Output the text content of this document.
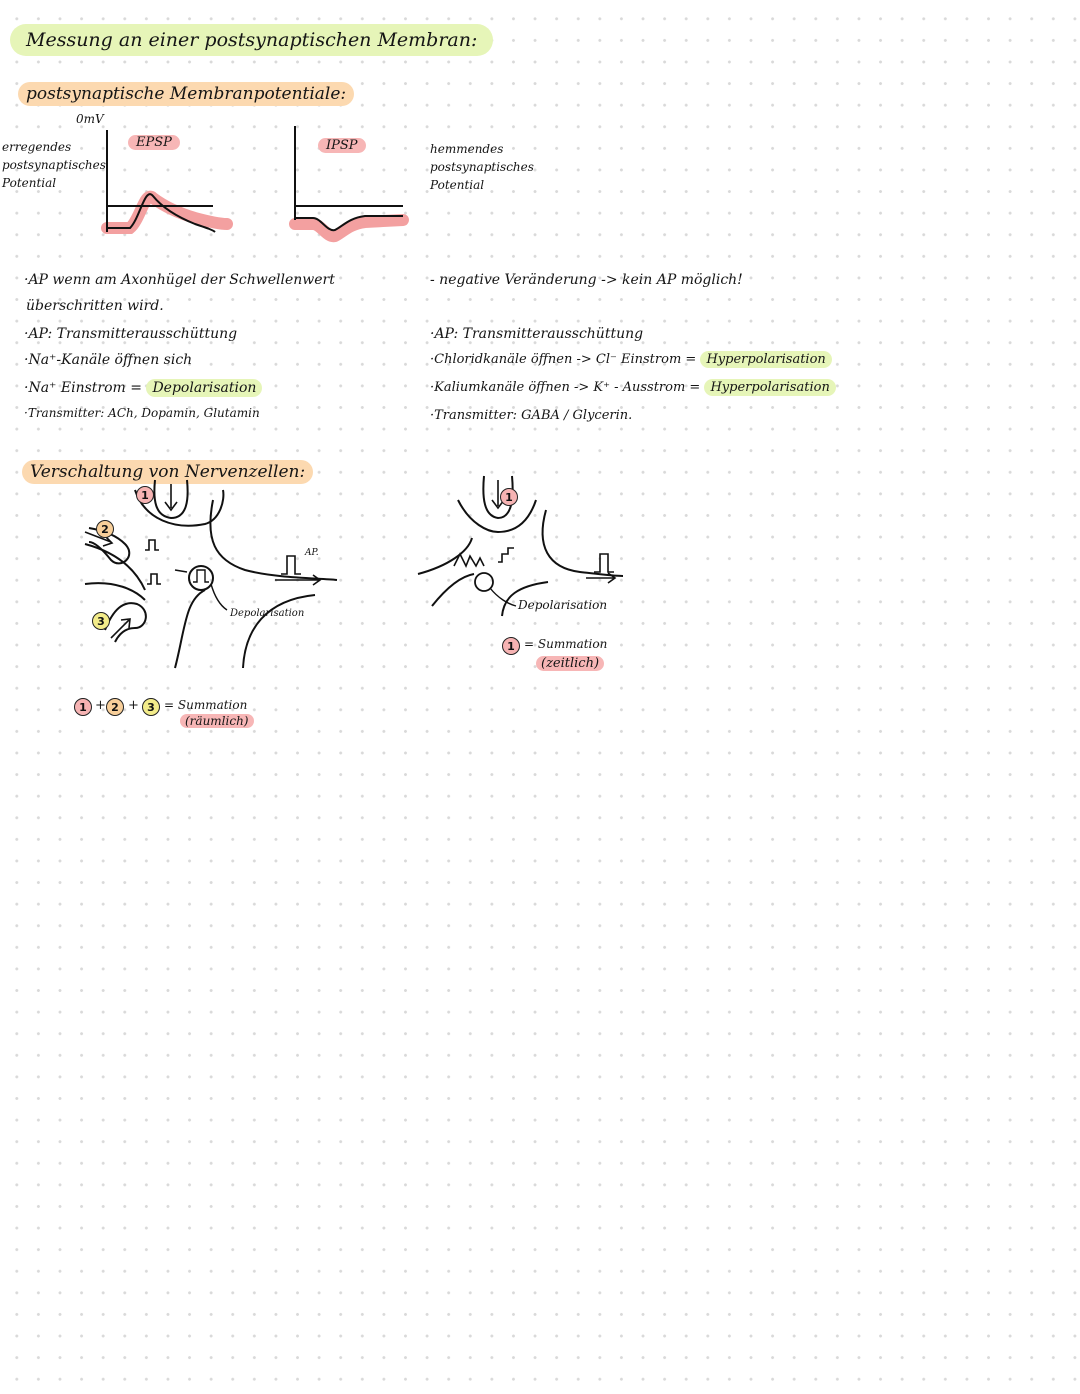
Messung an einer postsynaptischen Membran:
postsynaptische Membranpotentiale:
0mV
erregendes
postsynaptisches
Potential
hemmendes
postsynaptisches
Potential
EPSP	IPSP
·AP wenn am Axonhügel der Schwellenwert
überschritten wird.
·AP: Transmitterausschüttung
·Na⁺-Kanäle öffnen sich
·Na⁺ Einstrom = Depolarisation
·Transmitter: ACh, Dopamin, Glutamin
- negative Veränderung -> kein AP möglich!
·AP: Transmitterausschüttung
·Chloridkanäle öffnen -> Cl⁻ Einstrom = Hyperpolarisation
·Kaliumkanäle öffnen -> K⁺ - Ausstrom = Hyperpolarisation
·Transmitter: GABA / Glycerin.
Verschaltung von Nervenzellen:
AP.
Depolarisation
1
2
3
1 + 2 + 3 = Summation
(räumlich)
1
Depolarisation
1 = Summation
(zeitlich)
